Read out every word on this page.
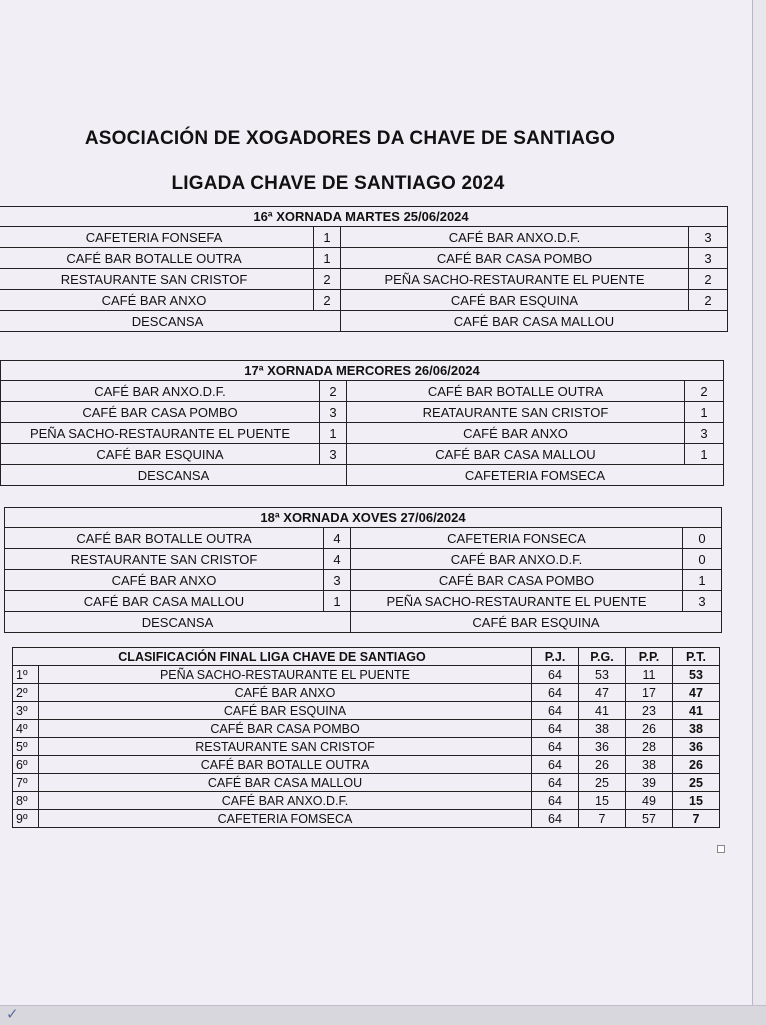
ASOCIACIÓN DE XOGADORES DA CHAVE DE SANTIAGO
LIGADA CHAVE DE SANTIAGO 2024
16ª XORNADA MARTES 25/06/2024			
CAFETERIA FONSEFA	1	CAFÉ BAR ANXO.D.F.	3
CAFÉ BAR BOTALLE OUTRA	1	CAFÉ BAR CASA POMBO	3
RESTAURANTE SAN CRISTOF	2	PEÑA SACHO-RESTAURANTE EL PUENTE	2
CAFÉ BAR ANXO	2	CAFÉ BAR ESQUINA	2
DESCANSA		CAFÉ BAR CASA MALLOU	
17ª XORNADA MERCORES 26/06/2024			
CAFÉ BAR ANXO.D.F.	2	CAFÉ BAR BOTALLE OUTRA	2
CAFÉ BAR CASA POMBO	3	REATAURANTE SAN CRISTOF	1
PEÑA SACHO-RESTAURANTE EL PUENTE	1	CAFÉ BAR ANXO	3
CAFÉ BAR ESQUINA	3	CAFÉ BAR CASA MALLOU	1
DESCANSA		CAFETERIA FOMSECA	
18ª XORNADA XOVES 27/06/2024			
CAFÉ BAR BOTALLE OUTRA	4	CAFETERIA FONSECA	0
RESTAURANTE SAN CRISTOF	4	CAFÉ BAR ANXO.D.F.	0
CAFÉ BAR ANXO	3	CAFÉ BAR CASA POMBO	1
CAFÉ BAR CASA MALLOU	1	PEÑA SACHO-RESTAURANTE EL PUENTE	3
DESCANSA		CAFÉ BAR ESQUINA	
CLASIFICACIÓN FINAL LIGA CHAVE DE SANTIAGO		P.J.	P.G.	P.P.	P.T.
1º	PEÑA SACHO-RESTAURANTE EL PUENTE	64	53	11	53
2º	CAFÉ BAR ANXO	64	47	17	47
3º	CAFÉ BAR ESQUINA	64	41	23	41
4º	CAFÉ BAR CASA POMBO	64	38	26	38
5º	RESTAURANTE SAN CRISTOF	64	36	28	36
6º	CAFÉ BAR BOTALLE OUTRA	64	26	38	26
7º	CAFÉ BAR CASA MALLOU	64	25	39	25
8º	CAFÉ BAR ANXO.D.F.	64	15	49	15
9º	CAFETERIA FOMSECA	64	7	57	7
✓
